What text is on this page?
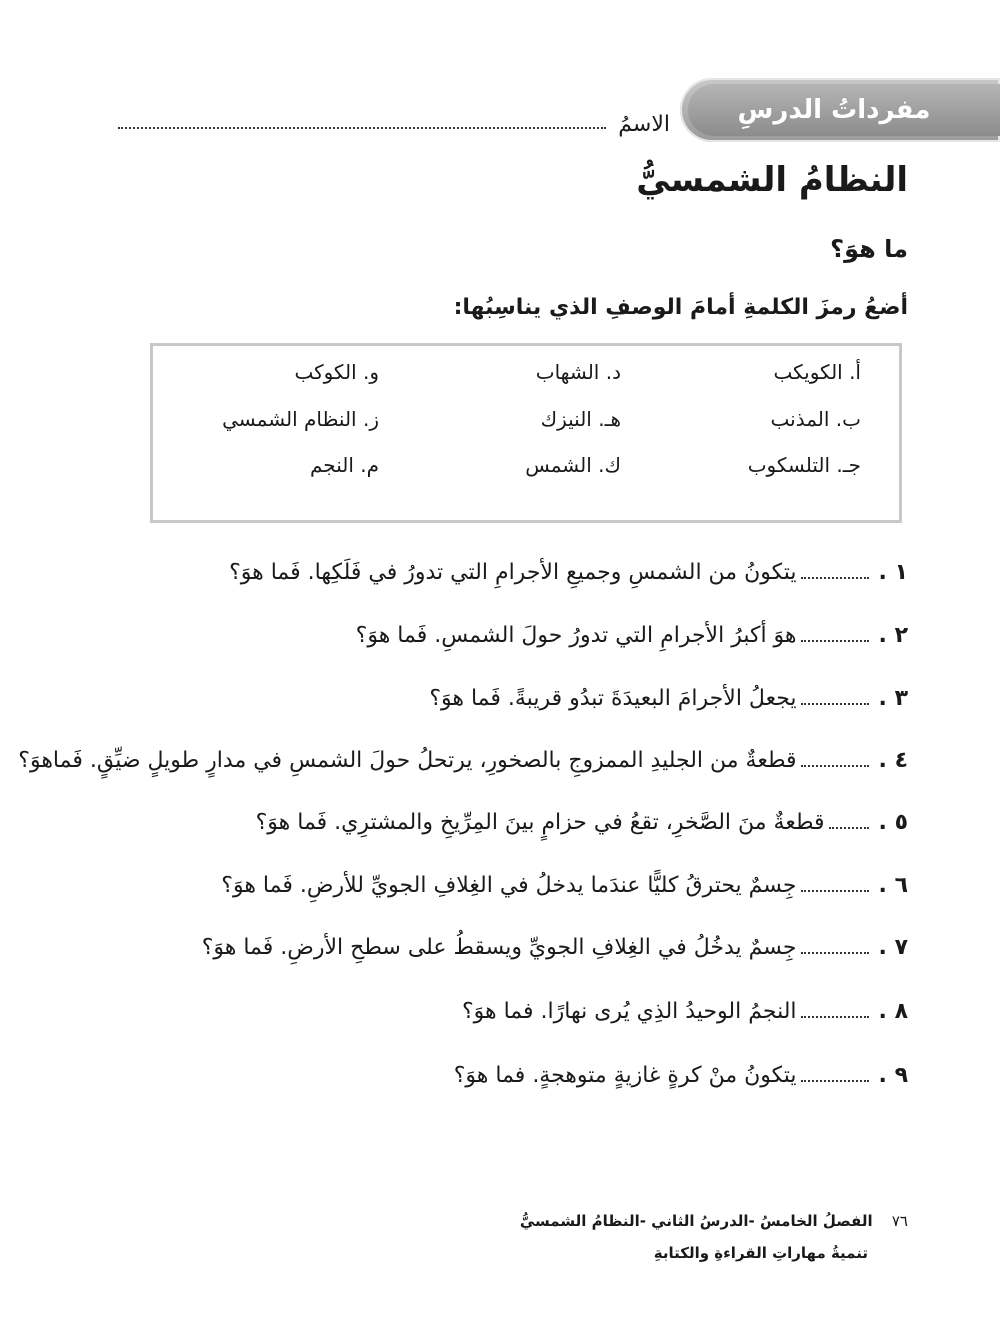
مفرداتُ الدرسِ
الاسمُ
النظامُ الشمسيُّ
ما هوَ؟
أضعُ رمزَ الكلمةِ أمامَ الوصفِ الذي يناسِبُها:
أ. الكويكب
د. الشهاب
و. الكوكب
ب. المذنب
هـ. النيزك
ز. النظام الشمسي
جـ. التلسكوب
ك. الشمس
م. النجم
١ .
يتكونُ من الشمسِ وجميعِ الأجرامِ التي تدورُ في فَلَكِها. فَما هوَ؟
٢ .
هوَ أكبرُ الأجرامِ التي تدورُ حولَ الشمسِ. فَما هوَ؟
٣ .
يجعلُ الأجرامَ البعيدَةَ تبدُو قريبةً. فَما هوَ؟
٤ .
قطعةٌ من الجليدِ الممزوجِ بالصخورِ، يرتحلُ حولَ الشمسِ في مدارٍ طويلٍ ضيِّقٍ. فَماهوَ؟
٥ .
قطعةٌ منَ الصَّخرِ، تقعُ في حزامٍ بينَ المِرِّيخِ والمشترِي. فَما هوَ؟
٦ .
جِسمٌ يحترقُ كليًّا عندَما يدخلُ في الغِلافِ الجويِّ للأرضِ. فَما هوَ؟
٧ .
جِسمٌ يدخُلُ في الغِلافِ الجويِّ ويسقطُ على سطحِ الأرضِ. فَما هوَ؟
٨ .
النجمُ الوحيدُ الذِي يُرى نهارًا. فما هوَ؟
٩ .
يتكونُ منْ كرةٍ غازيةٍ متوهجةٍ. فما هوَ؟
٧٦ الفصلُ الخامسُ -الدرسُ الثاني -النظامُ الشمسيُّ
تنميةُ مهاراتِ القراءةِ والكتابةِ
